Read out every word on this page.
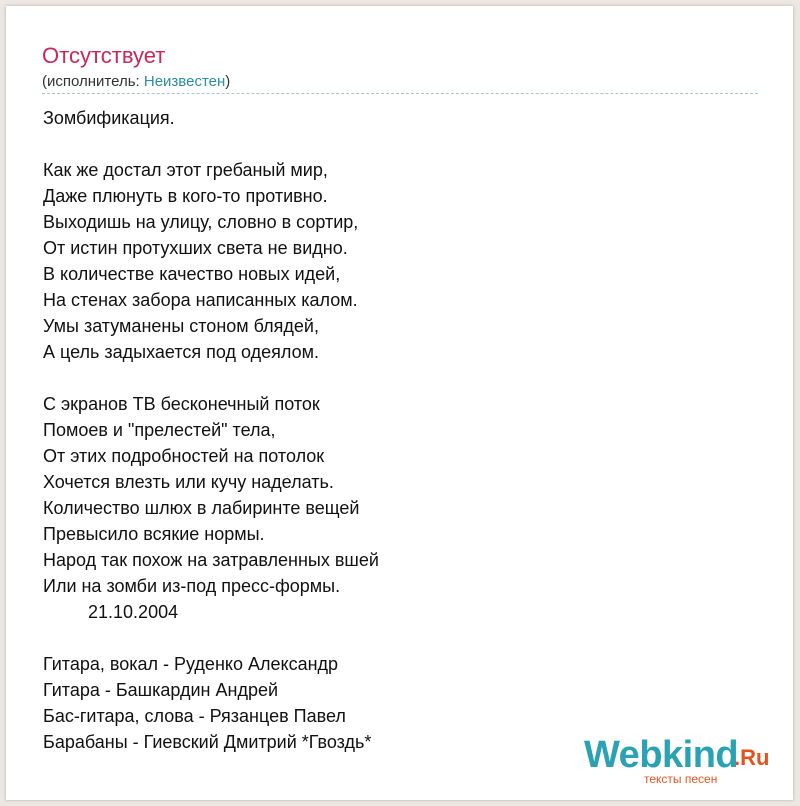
Отсутствует
(исполнитель: Неизвестен)
Зомбификация.

Как же достал этот гребаный мир,
Даже плюнуть в кого-то противно.
Выходишь на улицу, словно в сортир,
От истин протухших света не видно.
В количестве качество новых идей,
На стенах забора написанных калом.
Умы затуманены стоном блядей,
А цель задыхается под одеялом.

С экранов ТВ бесконечный поток
Помоев и "прелестей" тела,
От этих подробностей на потолок
Хочется влезть или кучу наделать.
Количество шлюх в лабиринте вещей
Превысило всякие нормы.
Народ так похож на затравленных вшей
Или на зомби из-под пресс-формы.
21.10.2004

Гитара, вокал - Руденко Александр
Гитара - Башкардин Андрей
Бас-гитара, слова - Рязанцев Павел
Барабаны - Гиевский Дмитрий *Гвоздь*	Webkind
.Ru
тексты песен
